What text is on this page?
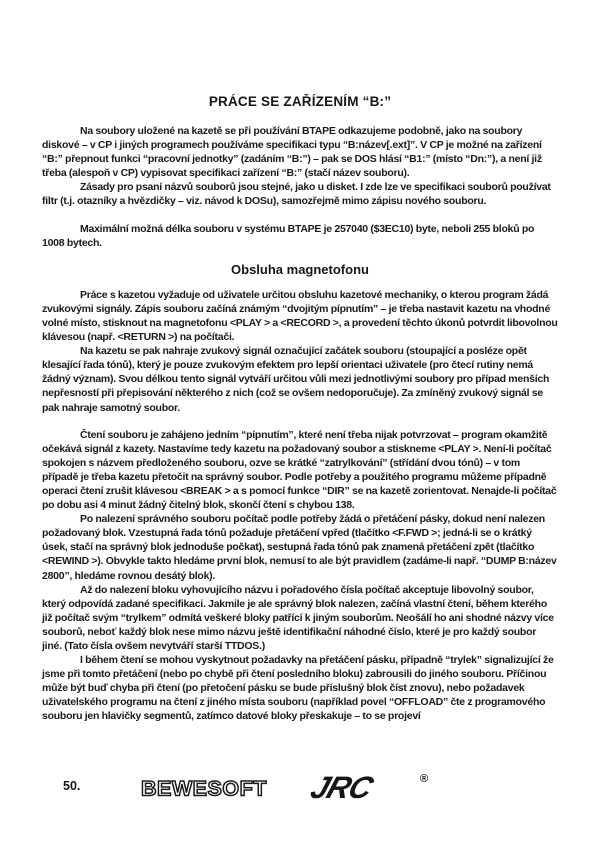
PRÁCE SE ZAŘÍZENÍM “B:”

Na soubory uložené na kazetě se při používání BTAPE odkazujeme podobně, jako na soubory diskové – v CP i jiných programech používáme specifikaci typu “B:název[.ext]”. V CP je možné na zařízení “B:” přepnout funkci “pracovní jednotky” (zadáním “B:”) – pak se DOS hlásí “B1:” (místo “Dn:”), a není již třeba (alespoň v CP) vypisovat specifikaci zařízení “B:” (stačí název souboru).

Zásady pro psaní názvů souborů jsou stejné, jako u disket. I zde lze ve specifikaci souborů používat filtr (t.j. otazníky a hvězdičky – viz. návod k DOSu), samozřejmě mimo zápisu nového souboru.

Maximální možná délka souboru v systému BTAPE je 257040 ($3EC10) byte, neboli 255 bloků po 1008 bytech.

Obsluha magnetofonu

Práce s kazetou vyžaduje od uživatele určitou obsluhu kazetové mechaniky, o kterou program žádá zvukovými signály. Zápis souboru začíná známým “dvojitým pípnutím” – je třeba nastavit kazetu na vhodné volné místo, stisknout na magnetofonu <PLAY > a <RECORD >, a provedení těchto úkonů potvrdit libovolnou klávesou (např. <RETURN >) na počítači.

Na kazetu se pak nahraje zvukový signál označující začátek souboru (stoupající a posléze opět klesající řada tónů), který je pouze zvukovým efektem pro lepší orientaci uživatele (pro čtecí rutiny nemá žádný význam). Svou délkou tento signál vytváří určitou vůli mezi jednotlivými soubory pro případ menších nepřesností při přepisování některého z nich (což se ovšem nedoporučuje). Za zmíněný zvukový signál se pak nahraje samotný soubor.

Čtení souboru je zahájeno jedním “pípnutím”, které není třeba nijak potvrzovat – program okamžitě očekává signál z kazety. Nastavíme tedy kazetu na požadovaný soubor a stiskneme <PLAY >. Není-li počítač spokojen s názvem předloženého souboru, ozve se krátké “zatrylkování” (střídání dvou tónů) – v tom případě je třeba kazetu přetočit na správný soubor. Podle potřeby a použitého programu můžeme případně operaci čtení zrušit klávesou <BREAK > a s pomocí funkce “DIR” se na kazetě zorientovat. Nenajde-li počítač po dobu asi 4 minut žádný čitelný blok, skončí čtení s chybou 138.

Po nalezení správného souboru počítač podle potřeby žádá o přetáčení pásky, dokud není nalezen požadovaný blok. Vzestupná řada tónů požaduje přetáčení vpřed (tlačítko <F.FWD >; jedná-li se o krátký úsek, stačí na správný blok jednoduše počkat), sestupná řada tónů pak znamená přetáčení zpět (tlačítko <REWIND >). Obvykle takto hledáme první blok, nemusí to ale být pravidlem (zadáme-li např. “DUMP B:název 2800”, hledáme rovnou desátý blok).

Až do nalezení bloku vyhovujícího názvu i pořadového čísla počítač akceptuje libovolný soubor, který odpovídá zadané specifikaci. Jakmile je ale správný blok nalezen, začíná vlastní čtení, během kterého již počítač svým “trylkem” odmítá veškeré bloky patřící k jiným souborům. Neošálí ho ani shodné názvy více souborů, neboť každý blok nese mimo názvu ještě identifikační náhodné číslo, které je pro každý soubor jiné. (Tato čísla ovšem nevytváří starší TTDOS.)

I během čtení se mohou vyskytnout požadavky na přetáčení pásku, případně “trylek” signalizující že jsme při tomto přetáčení (nebo po chybě při čtení posledního bloku) zabrousili do jiného souboru. Příčinou může být buď chyba při čtení (po přetočení pásku se bude příslušný blok číst znovu), nebo požadavek uživatelského programu na čtení z jiného místa souboru (například povel “OFFLOAD” čte z programového souboru jen hlavičky segmentů, zatímco datové bloky přeskakuje – to se projeví

50.	BEWESOFT JRC	®
